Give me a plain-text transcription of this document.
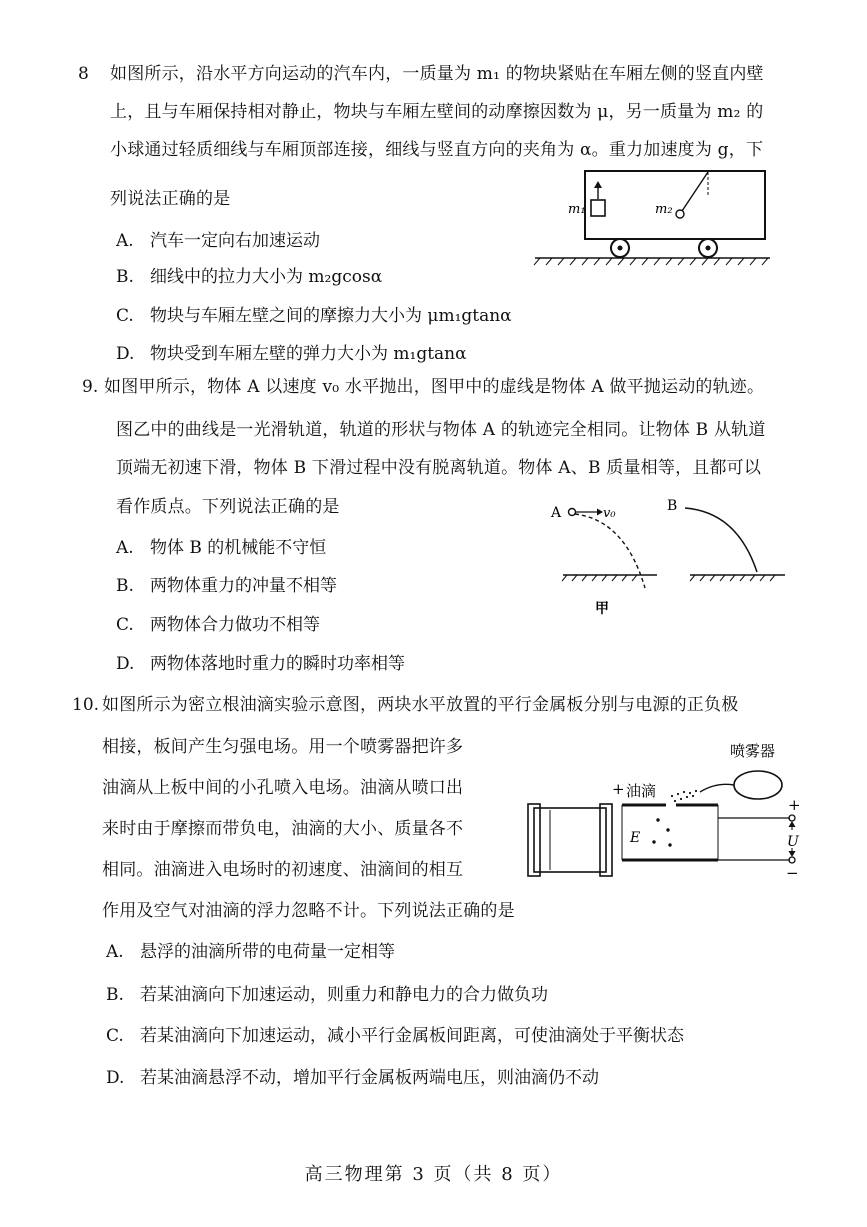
8 如图所示，沿水平方向运动的汽车内，一质量为 m₁ 的物块紧贴在车厢左侧的竖直内壁
上，且与车厢保持相对静止，物块与车厢左壁间的动摩擦因数为 μ，另一质量为 m₂ 的
小球通过轻质细线与车厢顶部连接，细线与竖直方向的夹角为 α。重力加速度为 g，下
列说法正确的是
A. 汽车一定向右加速运动
B. 细线中的拉力大小为 m₂gcosα
C. 物块与车厢左壁之间的摩擦力大小为 μm₁gtanα
D. 物块受到车厢左壁的弹力大小为 m₁gtanα
m₁	m₂
9. 如图甲所示，物体 A 以速度 v₀ 水平抛出，图甲中的虚线是物体 A 做平抛运动的轨迹。
图乙中的曲线是一光滑轨道，轨道的形状与物体 A 的轨迹完全相同。让物体 B 从轨道
顶端无初速下滑，物体 B 下滑过程中没有脱离轨道。物体 A、B 质量相等，且都可以
看作质点。下列说法正确的是
A. 物体 B 的机械能不守恒
B. 两物体重力的冲量不相等
C. 两物体合力做功不相等
D. 两物体落地时重力的瞬时功率相等
A	v₀
甲
B
10. 如图所示为密立根油滴实验示意图，两块水平放置的平行金属板分别与电源的正负极
相接，板间产生匀强电场。用一个喷雾器把许多
油滴从上板中间的小孔喷入电场。油滴从喷口出
来时由于摩擦而带负电，油滴的大小、质量各不
相同。油滴进入电场时的初速度、油滴间的相互
作用及空气对油滴的浮力忽略不计。下列说法正确的是
A. 悬浮的油滴所带的电荷量一定相等
B. 若某油滴向下加速运动，则重力和静电力的合力做负功
C. 若某油滴向下加速运动，减小平行金属板间距离，可使油滴处于平衡状态
D. 若某油滴悬浮不动，增加平行金属板两端电压，则油滴仍不动
喷雾器
+ 油滴
E
+
U
−
高三物理第 3 页（共 8 页）
